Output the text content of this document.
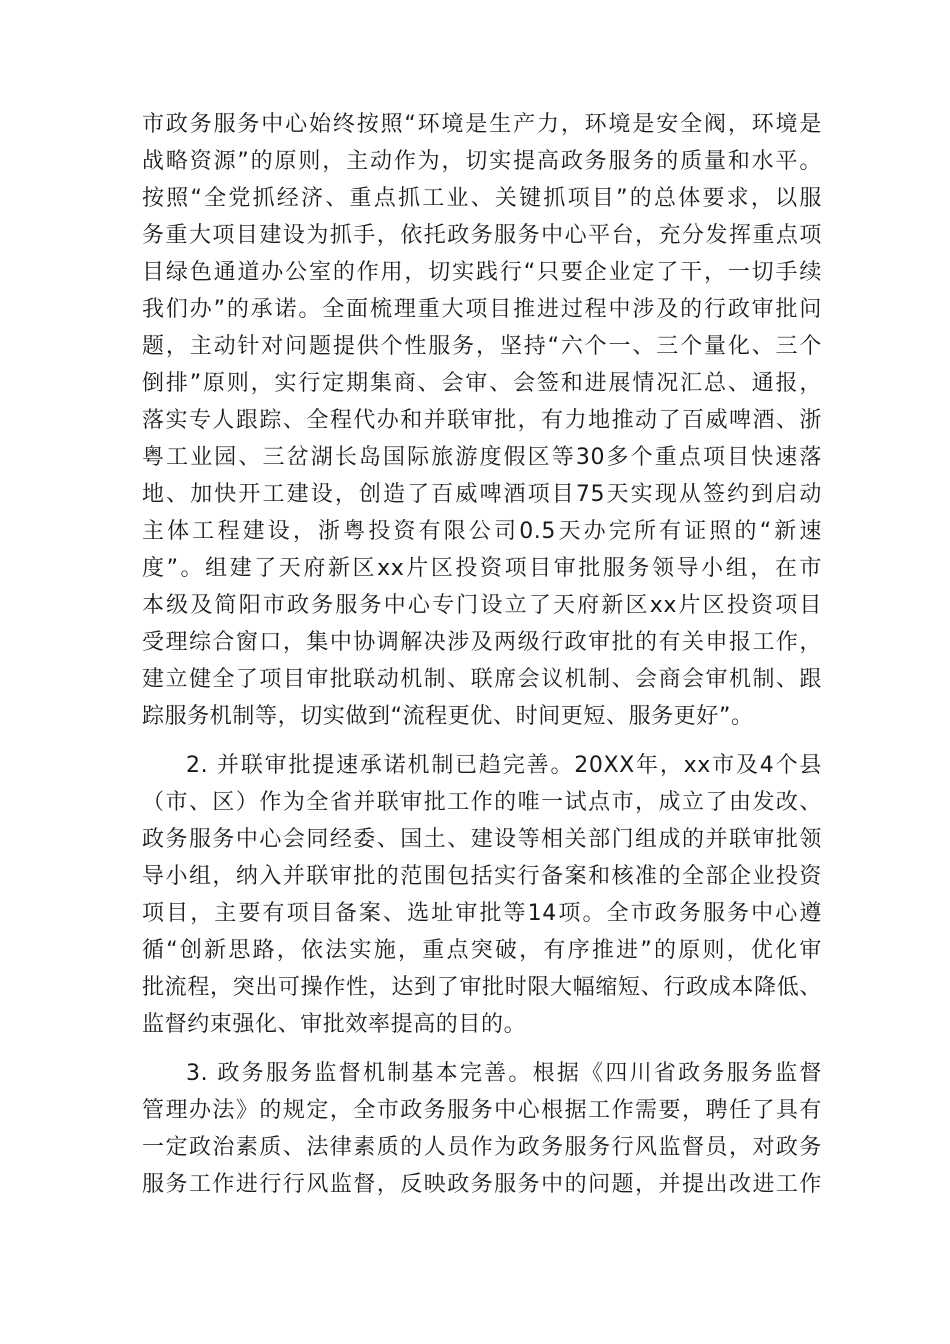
市政务服务中心始终按照“环境是生产力，环境是安全阀，环境是
战略资源”的原则，主动作为，切实提高政务服务的质量和水平。
按照“全党抓经济、重点抓工业、关键抓项目”的总体要求，以服
务重大项目建设为抓手，依托政务服务中心平台，充分发挥重点项
目绿色通道办公室的作用，切实践行“只要企业定了干，一切手续
我们办”的承诺。全面梳理重大项目推进过程中涉及的行政审批问
题，主动针对问题提供个性服务，坚持“六个一、三个量化、三个
倒排”原则，实行定期集商、会审、会签和进展情况汇总、通报，
落实专人跟踪、全程代办和并联审批，有力地推动了百威啤酒、浙
粤工业园、三岔湖长岛国际旅游度假区等30多个重点项目快速落
地、加快开工建设，创造了百威啤酒项目75天实现从签约到启动
主体工程建设，浙粤投资有限公司0.5天办完所有证照的“新速
度”。组建了天府新区xx片区投资项目审批服务领导小组，在市
本级及简阳市政务服务中心专门设立了天府新区xx片区投资项目
受理综合窗口，集中协调解决涉及两级行政审批的有关申报工作，
建立健全了项目审批联动机制、联席会议机制、会商会审机制、跟
踪服务机制等，切实做到“流程更优、时间更短、服务更好”。
2. 并联审批提速承诺机制已趋完善。20XX年，xx市及4个县
（市、区）作为全省并联审批工作的唯一试点市，成立了由发改、
政务服务中心会同经委、国土、建设等相关部门组成的并联审批领
导小组，纳入并联审批的范围包括实行备案和核准的全部企业投资
项目，主要有项目备案、选址审批等14项。全市政务服务中心遵
循“创新思路，依法实施，重点突破，有序推进”的原则，优化审
批流程，突出可操作性，达到了审批时限大幅缩短、行政成本降低、
监督约束强化、审批效率提高的目的。
3. 政务服务监督机制基本完善。根据《四川省政务服务监督
管理办法》的规定，全市政务服务中心根据工作需要，聘任了具有
一定政治素质、法律素质的人员作为政务服务行风监督员，对政务
服务工作进行行风监督，反映政务服务中的问题，并提出改进工作
